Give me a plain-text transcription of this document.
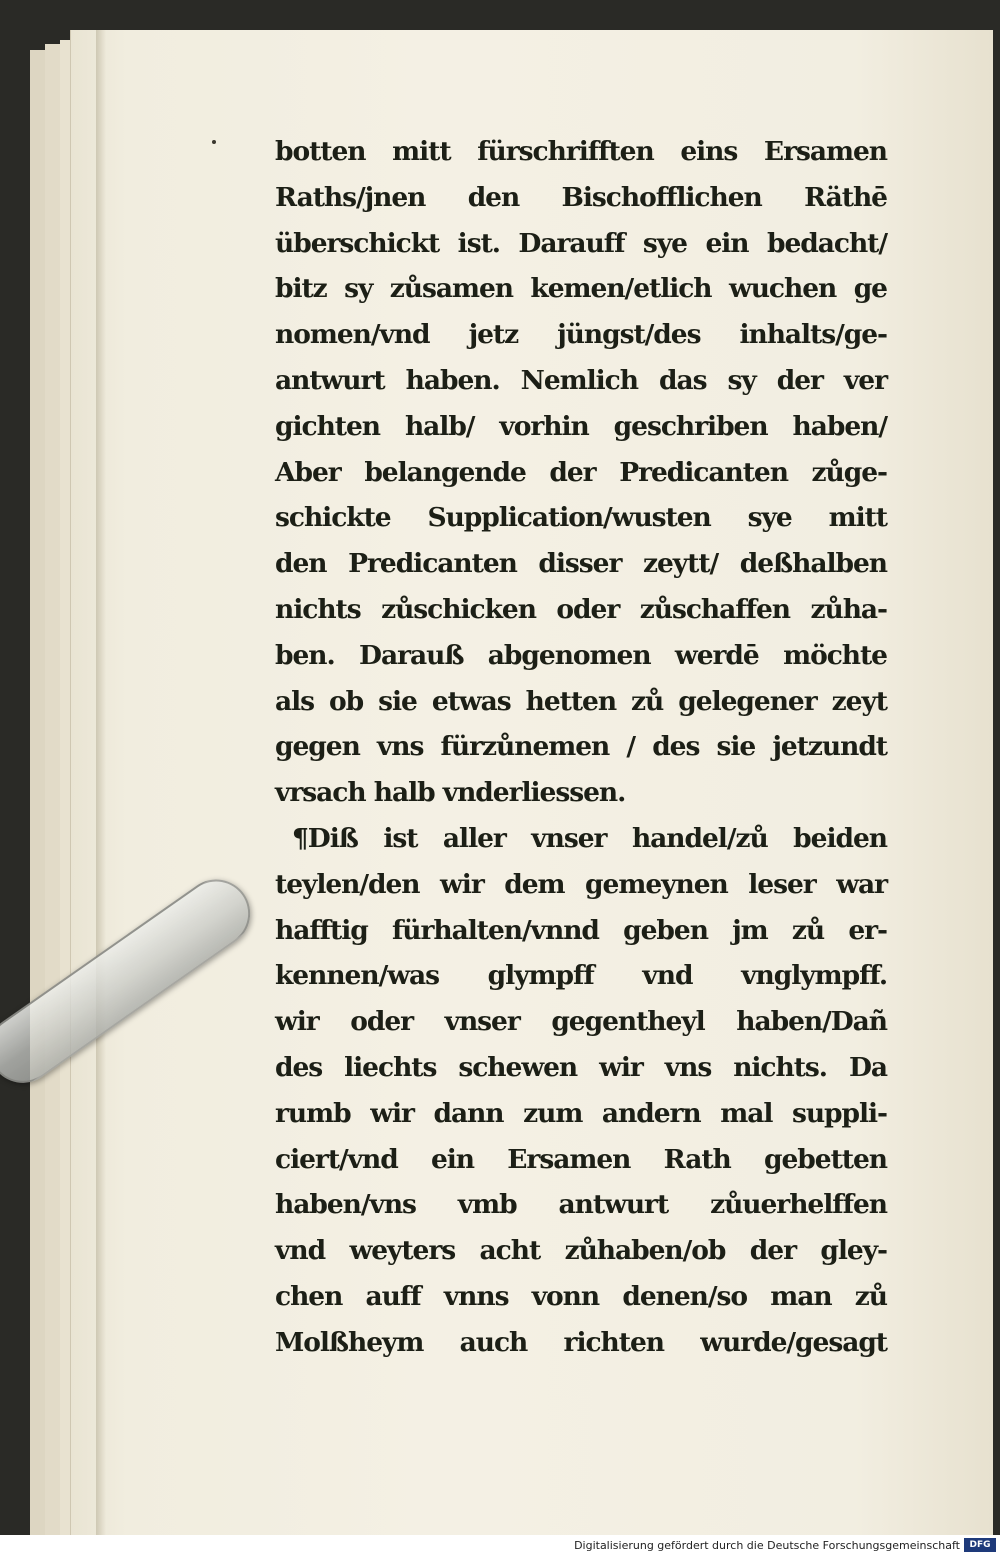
botten mitt fürschrifften eins Ersamen
Raths/jnen den Bischofflichen Räthē
überschickt ist. Darauff sye ein bedacht/
bitz sy zůsamen kemen/etlich wuchen ge
nomen/vnd jetz jüngst/des inhalts/ge-
antwurt haben. Nemlich das sy der ver
gichten halb/ vorhin geschriben haben/
Aber belangende der Predicanten zůge-
schickte Supplication/wusten sye mitt
den Predicanten disser zeytt/ deßhalben
nichts zůschicken oder zůschaffen zůha-
ben. Darauß abgenomen werdē möchte
als ob sie etwas hetten zů gelegener zeyt
gegen vns fürzůnemen / des sie jetzundt
vrsach halb vnderliessen.
¶Diß ist aller vnser handel/zů beiden
teylen/den wir dem gemeynen leser war
hafftig fürhalten/vnnd geben jm zů er-
kennen/was glympff vnd vnglympff.
wir oder vnser gegentheyl haben/Dañ
des liechts schewen wir vns nichts. Da
rumb wir dann zum andern mal suppli-
ciert/vnd ein Ersamen Rath gebetten
haben/vns vmb antwurt zůuerhelffen
vnd weyters acht zůhaben/ob der gley-
chen auff vnns vonn denen/so man zů
Molßheym auch richten wurde/gesagt
Digitalisierung gefördert durch die Deutsche Forschungsgemeinschaft	DFG
